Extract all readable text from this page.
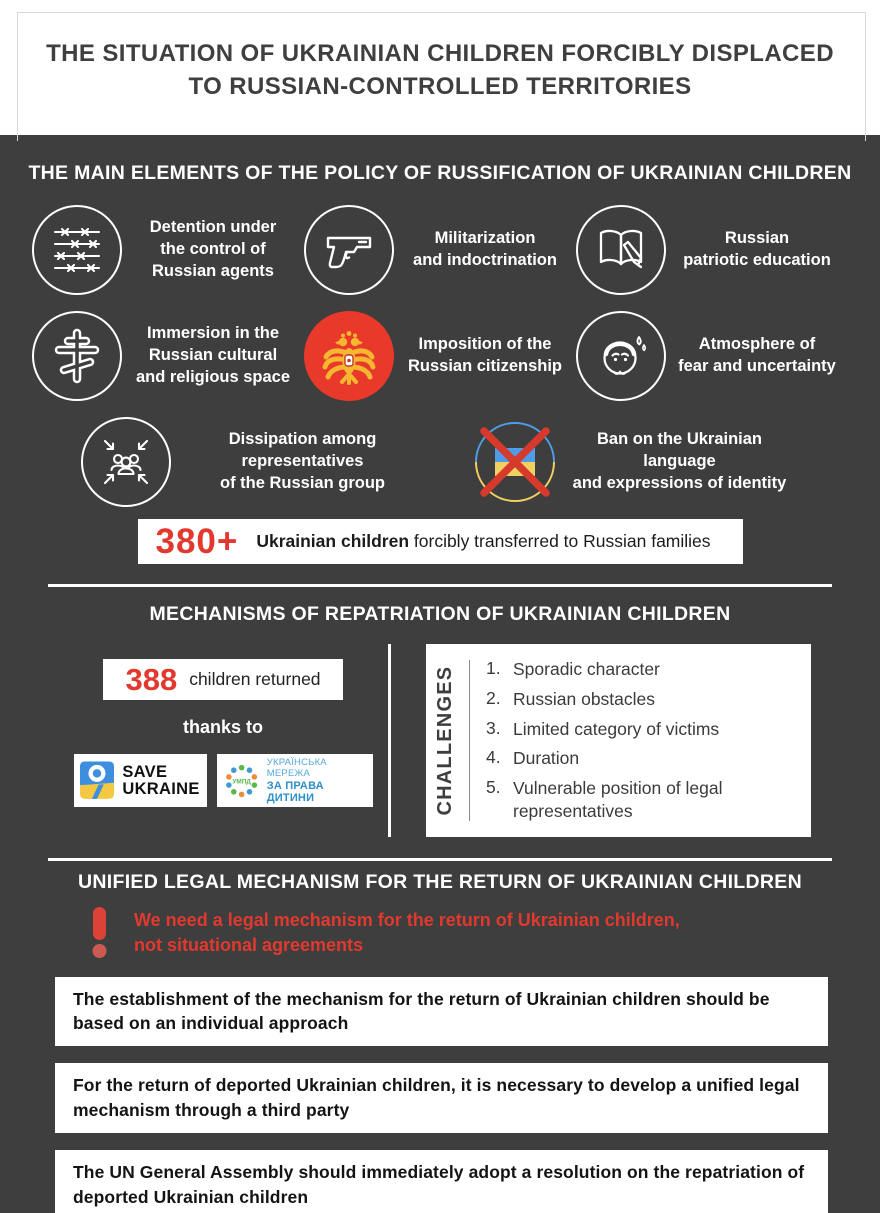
THE SITUATION OF UKRAINIAN CHILDREN FORCIBLY DISPLACED
TO RUSSIAN-CONTROLLED TERRITORIES
THE MAIN ELEMENTS OF THE POLICY OF RUSSIFICATION OF UKRAINIAN CHILDREN
Detention under
the control of
Russian agents
Militarization
and indoctrination
Russian
patriotic education
Immersion in the
Russian cultural
and religious space
Imposition of the
Russian citizenship
Atmosphere of
fear and uncertainty
Dissipation among representatives
of the Russian group
Ban on the Ukrainian language
and expressions of identity
380+ Ukrainian children forcibly transferred to Russian families
MECHANISMS OF REPATRIATION OF UKRAINIAN CHILDREN
388 children returned
thanks to
SAVE
UKRAINE	УМПД
УКРАЇНСЬКА МЕРЕЖА
ЗА ПРАВА ДИТИНИ	CHALLENGES 1. Sporadic character
2. Russian obstacles
3. Limited category of victims
4. Duration
5. Vulnerable position of legal representatives
UNIFIED LEGAL MECHANISM FOR THE RETURN OF UKRAINIAN CHILDREN
We need a legal mechanism for the return of Ukrainian children,
not situational agreements
The establishment of the mechanism for the return of Ukrainian children should be based on an individual approach
For the return of deported Ukrainian children, it is necessary to develop a unified legal mechanism through a third party
The UN General Assembly should immediately adopt a resolution on the repatriation of deported Ukrainian children
